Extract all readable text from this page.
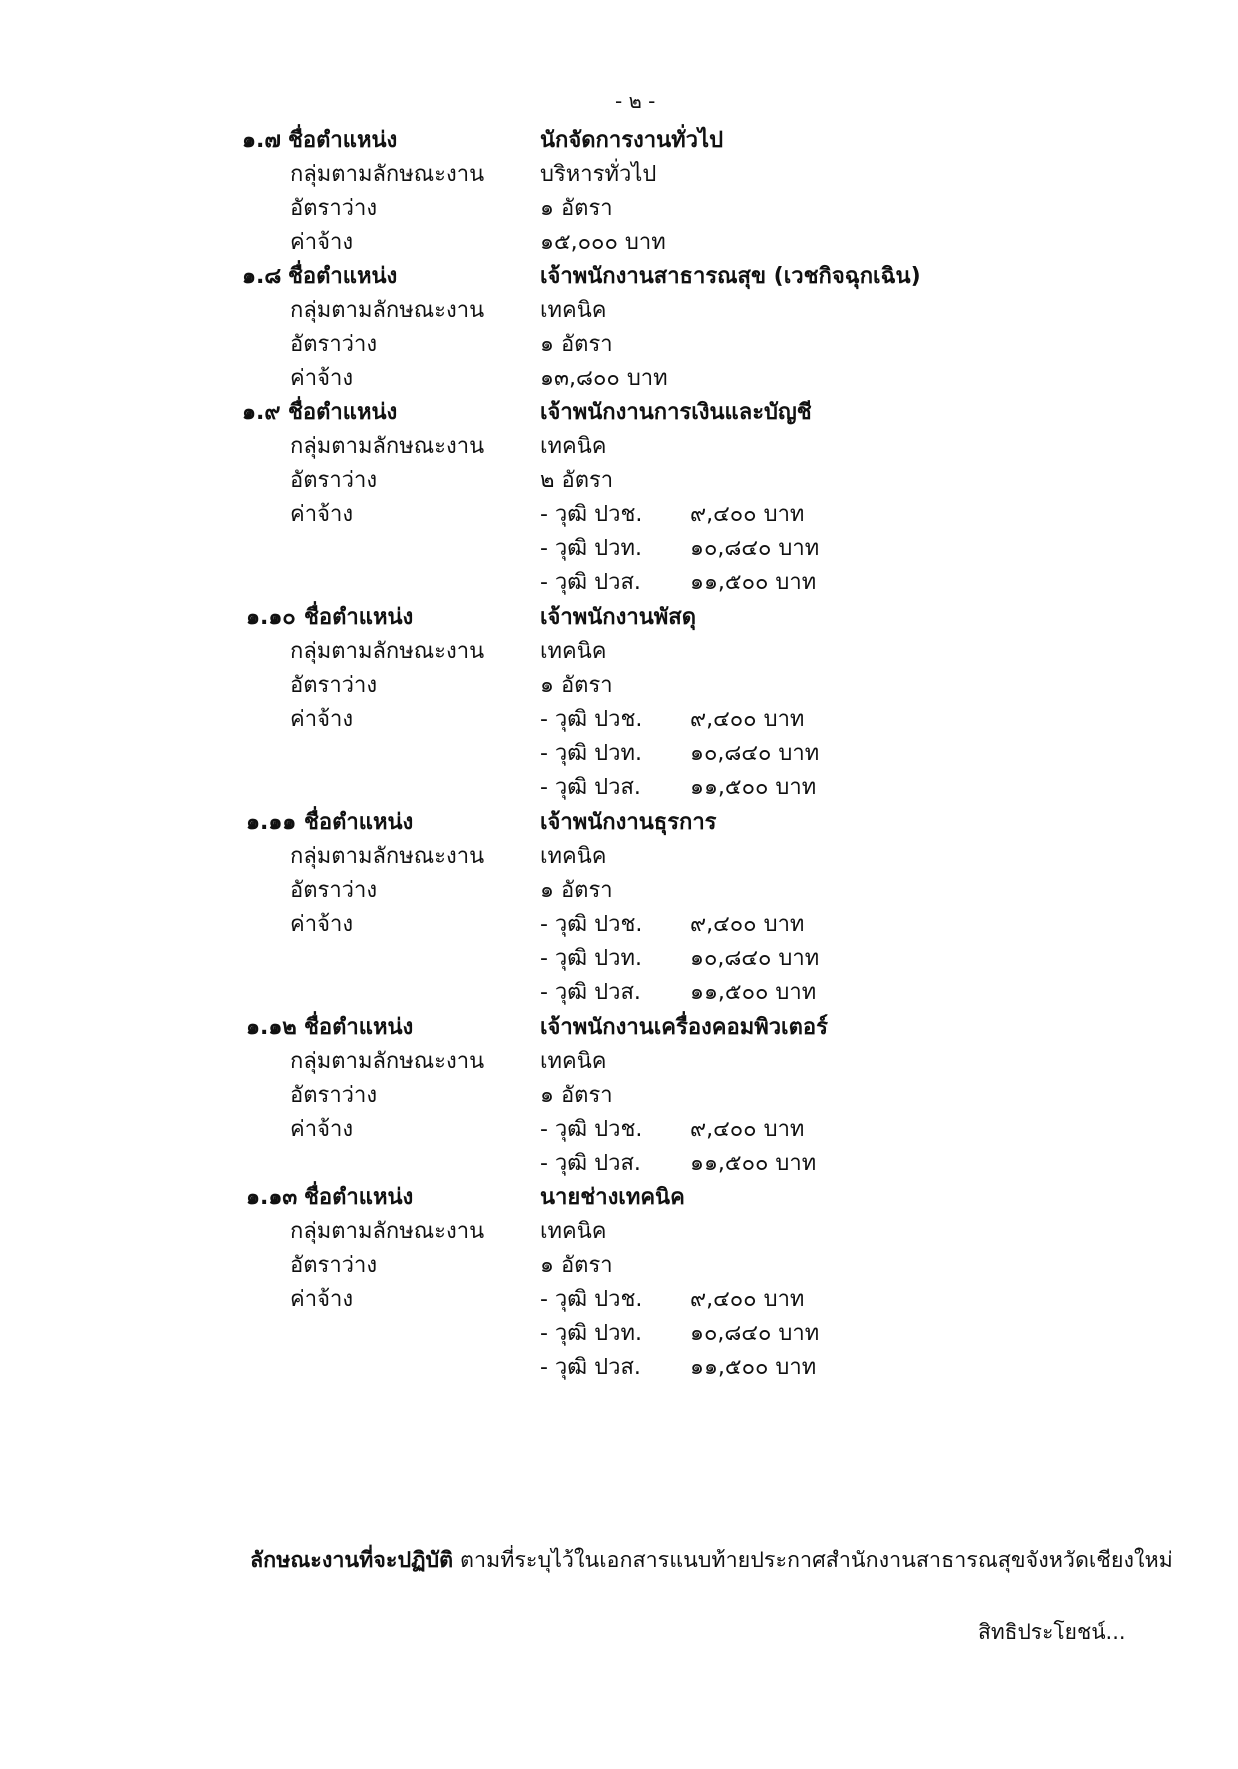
- ๒ -
๑.๗ ชื่อตำแหน่ง	นักจัดการงานทั่วไป
กลุ่มตามลักษณะงาน	บริหารทั่วไป
อัตราว่าง	๑ อัตรา
ค่าจ้าง	๑๕,๐๐๐ บาท
๑.๘ ชื่อตำแหน่ง	เจ้าพนักงานสาธารณสุข (เวชกิจฉุกเฉิน)
กลุ่มตามลักษณะงาน	เทคนิค
อัตราว่าง	๑ อัตรา
ค่าจ้าง	๑๓,๘๐๐ บาท
๑.๙ ชื่อตำแหน่ง	เจ้าพนักงานการเงินและบัญชี
กลุ่มตามลักษณะงาน	เทคนิค
อัตราว่าง	๒ อัตรา
ค่าจ้าง	- วุฒิ ปวช. ๙,๔๐๐ บาท
- วุฒิ ปวท. ๑๐,๘๔๐ บาท
- วุฒิ ปวส. ๑๑,๕๐๐ บาท
๑.๑๐ ชื่อตำแหน่ง	เจ้าพนักงานพัสดุ
กลุ่มตามลักษณะงาน	เทคนิค
อัตราว่าง	๑ อัตรา
ค่าจ้าง	- วุฒิ ปวช. ๙,๔๐๐ บาท
- วุฒิ ปวท. ๑๐,๘๔๐ บาท
- วุฒิ ปวส. ๑๑,๕๐๐ บาท
๑.๑๑ ชื่อตำแหน่ง	เจ้าพนักงานธุรการ
กลุ่มตามลักษณะงาน	เทคนิค
อัตราว่าง	๑ อัตรา
ค่าจ้าง	- วุฒิ ปวช. ๙,๔๐๐ บาท
- วุฒิ ปวท. ๑๐,๘๔๐ บาท
- วุฒิ ปวส. ๑๑,๕๐๐ บาท
๑.๑๒ ชื่อตำแหน่ง	เจ้าพนักงานเครื่องคอมพิวเตอร์
กลุ่มตามลักษณะงาน	เทคนิค
อัตราว่าง	๑ อัตรา
ค่าจ้าง	- วุฒิ ปวช. ๙,๔๐๐ บาท
- วุฒิ ปวส. ๑๑,๕๐๐ บาท
๑.๑๓ ชื่อตำแหน่ง	นายช่างเทคนิค
กลุ่มตามลักษณะงาน	เทคนิค
อัตราว่าง	๑ อัตรา
ค่าจ้าง	- วุฒิ ปวช. ๙,๔๐๐ บาท
- วุฒิ ปวท. ๑๐,๘๔๐ บาท
- วุฒิ ปวส. ๑๑,๕๐๐ บาท
ลักษณะงานที่จะปฏิบัติ ตามที่ระบุไว้ในเอกสารแนบท้ายประกาศสำนักงานสาธารณสุขจังหวัดเชียงใหม่
สิทธิประโยชน์...
